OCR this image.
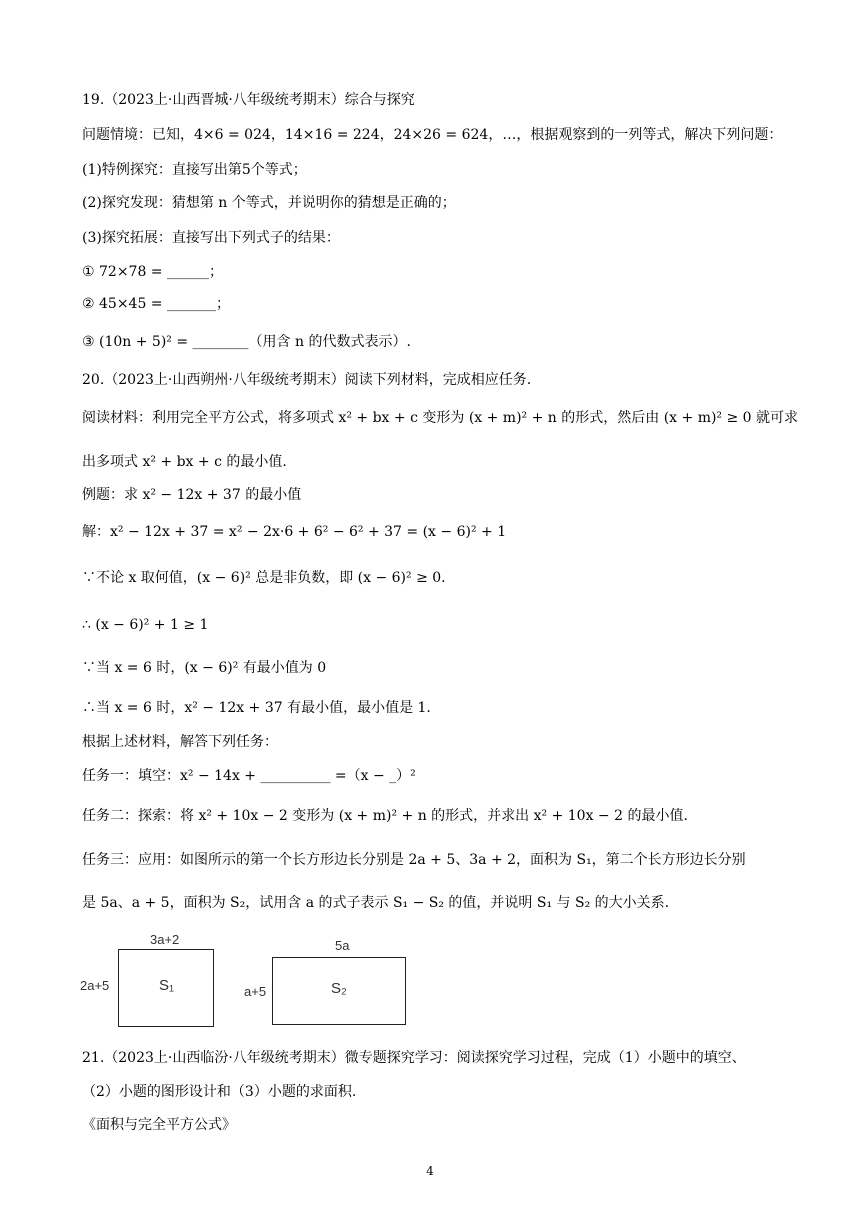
19.（2023上·山西晋城·八年级统考期末）综合与探究
问题情境：已知，4×6 = 024，14×16 = 224，24×26 = 624，…，根据观察到的一列等式，解决下列问题：
(1)特例探究：直接写出第5个等式；
(2)探究发现：猜想第 n 个等式，并说明你的猜想是正确的；
(3)探究拓展：直接写出下列式子的结果：
① 72×78 = ______；
② 45×45 = _______；
③ (10n + 5)² = ________（用含 n 的代数式表示）.
20.（2023上·山西朔州·八年级统考期末）阅读下列材料，完成相应任务.
阅读材料：利用完全平方公式，将多项式 x² + bx + c 变形为 (x + m)² + n 的形式，然后由 (x + m)² ≥ 0 就可求
出多项式 x² + bx + c 的最小值.
例题：求 x² − 12x + 37 的最小值
解：x² − 12x + 37 = x² − 2x·6 + 6² − 6² + 37 = (x − 6)² + 1
∵不论 x 取何值，(x − 6)² 总是非负数，即 (x − 6)² ≥ 0.
∴ (x − 6)² + 1 ≥ 1
∵当 x = 6 时，(x − 6)² 有最小值为 0
∴当 x = 6 时，x² − 12x + 37 有最小值，最小值是 1.
根据上述材料，解答下列任务：
任务一：填空：x² − 14x + __________ =（x − _）²
任务二：探索：将 x² + 10x − 2 变形为 (x + m)² + n 的形式，并求出 x² + 10x − 2 的最小值.
任务三：应用：如图所示的第一个长方形边长分别是 2a + 5、3a + 2，面积为 S₁，第二个长方形边长分别
是 5a、a + 5，面积为 S₂，试用含 a 的式子表示 S₁ − S₂ 的值，并说明 S₁ 与 S₂ 的大小关系.
3a+2
2a+5	S₁
5a
a+5	S₂
21.（2023上·山西临汾·八年级统考期末）微专题探究学习：阅读探究学习过程，完成（1）小题中的填空、
（2）小题的图形设计和（3）小题的求面积.
《面积与完全平方公式》
4
